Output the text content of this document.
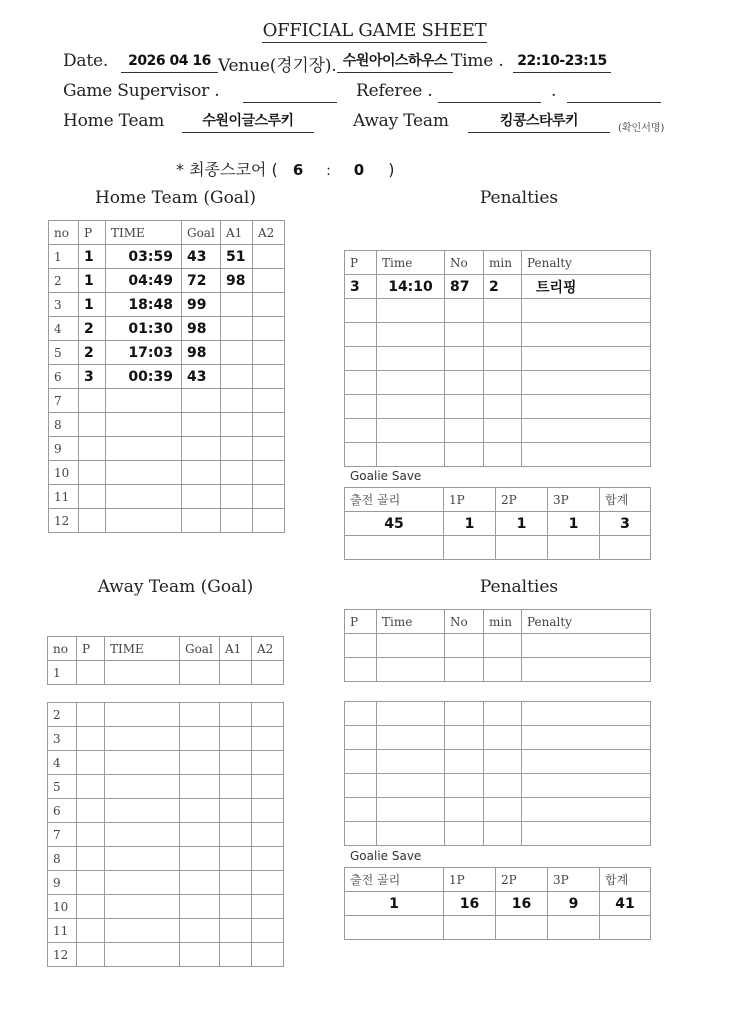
OFFICIAL GAME SHEET
Date.	2026 04 16 Venue(경기장). 수원아이스하우스 Time . 22:10-23:15
Game Supervisor .	Referee .	.
Home Team	수원이글스루키	Away Team	킹콩스타루키	(확인서명)
* 최종스코어 ( 6 : 0 )
Home Team (Goal)	Penalties
no	P	TIME	Goal	A1	A2
1	1	03:59	43	51	
2	1	04:49	72	98	
3	1	18:48	99		
4	2	01:30	98		
5	2	17:03	98		
6	3	00:39	43		
7					
8					
9					
10					
11					
12					
P	Time	No	min	Penalty
3	14:10	87	2	트리핑

Goalie Save
출전 골리	1P	2P	3P	합계
45	1	1	1	3

Away Team (Goal)	Penalties
no	P	TIME	Goal	A1	A2
1					
2					
3					
4					
5					
6					
7					
8					
9					
10					
11					
12					
P	Time	No	min	Penalty

Goalie Save
출전 골리	1P	2P	3P	합계
1	16	16	9	41
